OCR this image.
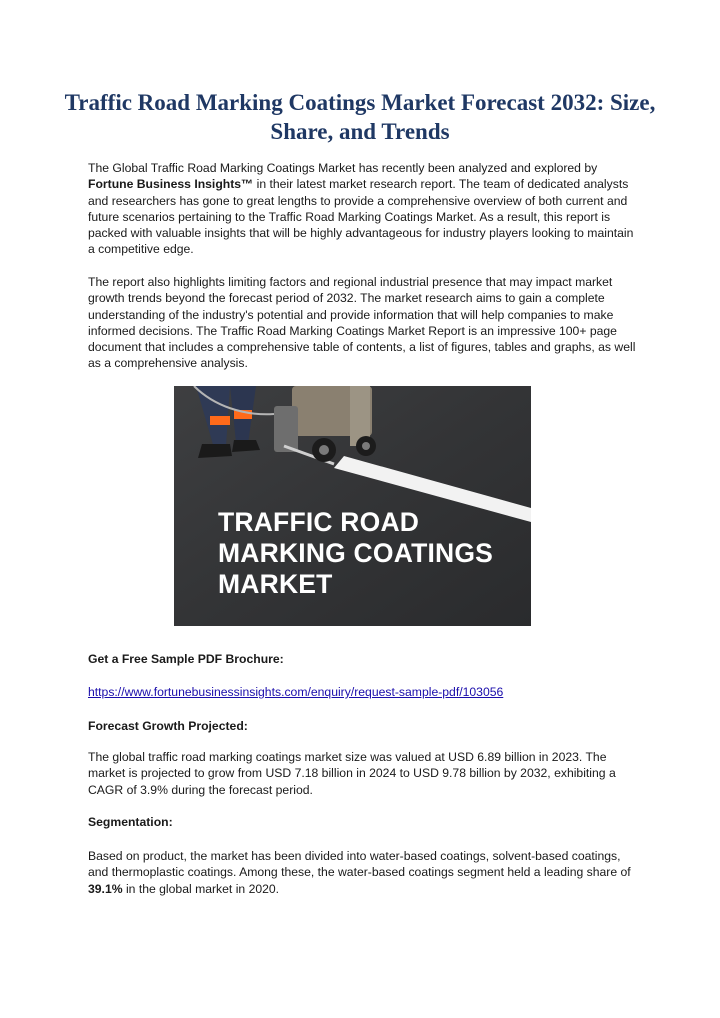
Traffic Road Marking Coatings Market Forecast 2032: Size, Share, and Trends

The Global Traffic Road Marking Coatings Market has recently been analyzed and explored by Fortune Business Insights™ in their latest market research report. The team of dedicated analysts and researchers has gone to great lengths to provide a comprehensive overview of both current and future scenarios pertaining to the Traffic Road Marking Coatings Market. As a result, this report is packed with valuable insights that will be highly advantageous for industry players looking to maintain a competitive edge.

The report also highlights limiting factors and regional industrial presence that may impact market growth trends beyond the forecast period of 2032. The market research aims to gain a complete understanding of the industry's potential and provide information that will help companies to make informed decisions. The Traffic Road Marking Coatings Market Report is an impressive 100+ page document that includes a comprehensive table of contents, a list of figures, tables and graphs, as well as a comprehensive analysis.

TRAFFIC ROAD
MARKING COATINGS
MARKET

Get a Free Sample PDF Brochure:

https://www.fortunebusinessinsights.com/enquiry/request-sample-pdf/103056

Forecast Growth Projected:

The global traffic road marking coatings market size was valued at USD 6.89 billion in 2023. The market is projected to grow from USD 7.18 billion in 2024 to USD 9.78 billion by 2032, exhibiting a CAGR of 3.9% during the forecast period.

Segmentation:

Based on product, the market has been divided into water-based coatings, solvent-based coatings, and thermoplastic coatings. Among these, the water-based coatings segment held a leading share of 39.1% in the global market in 2020.
